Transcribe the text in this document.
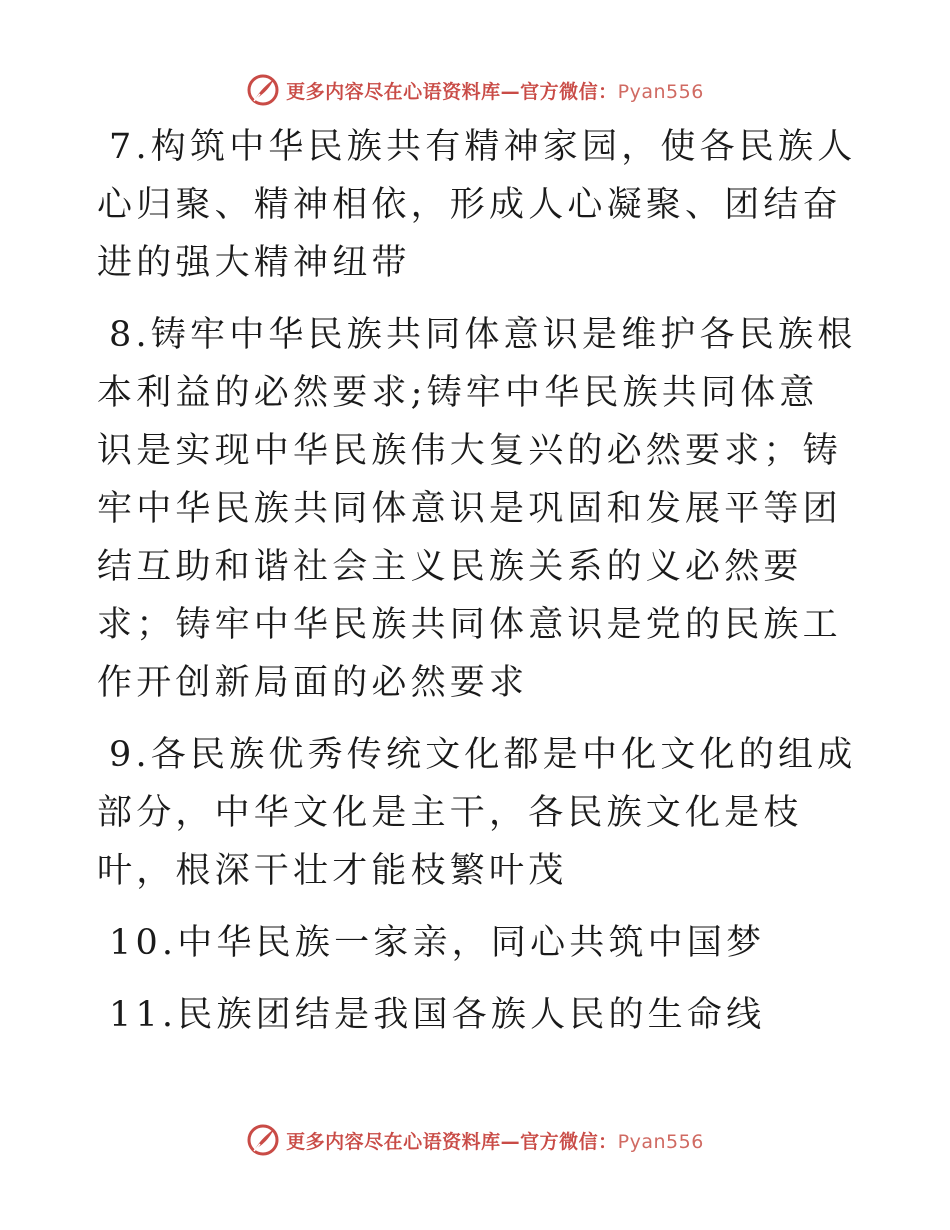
更多内容尽在心语资料库—官方微信：Pyan556

7.构筑中华民族共有精神家园，使各民族人心归聚、精神相依，形成人心凝聚、团结奋进的强大精神纽带

8.铸牢中华民族共同体意识是维护各民族根本利益的必然要求;铸牢中华民族共同体意识是实现中华民族伟大复兴的必然要求；铸牢中华民族共同体意识是巩固和发展平等团结互助和谐社会主义民族关系的义必然要求；铸牢中华民族共同体意识是党的民族工作开创新局面的必然要求

9.各民族优秀传统文化都是中化文化的组成部分，中华文化是主干，各民族文化是枝叶，根深干壮才能枝繁叶茂

10.中华民族一家亲，同心共筑中国梦

11.民族团结是我国各族人民的生命线

更多内容尽在心语资料库—官方微信：Pyan556
